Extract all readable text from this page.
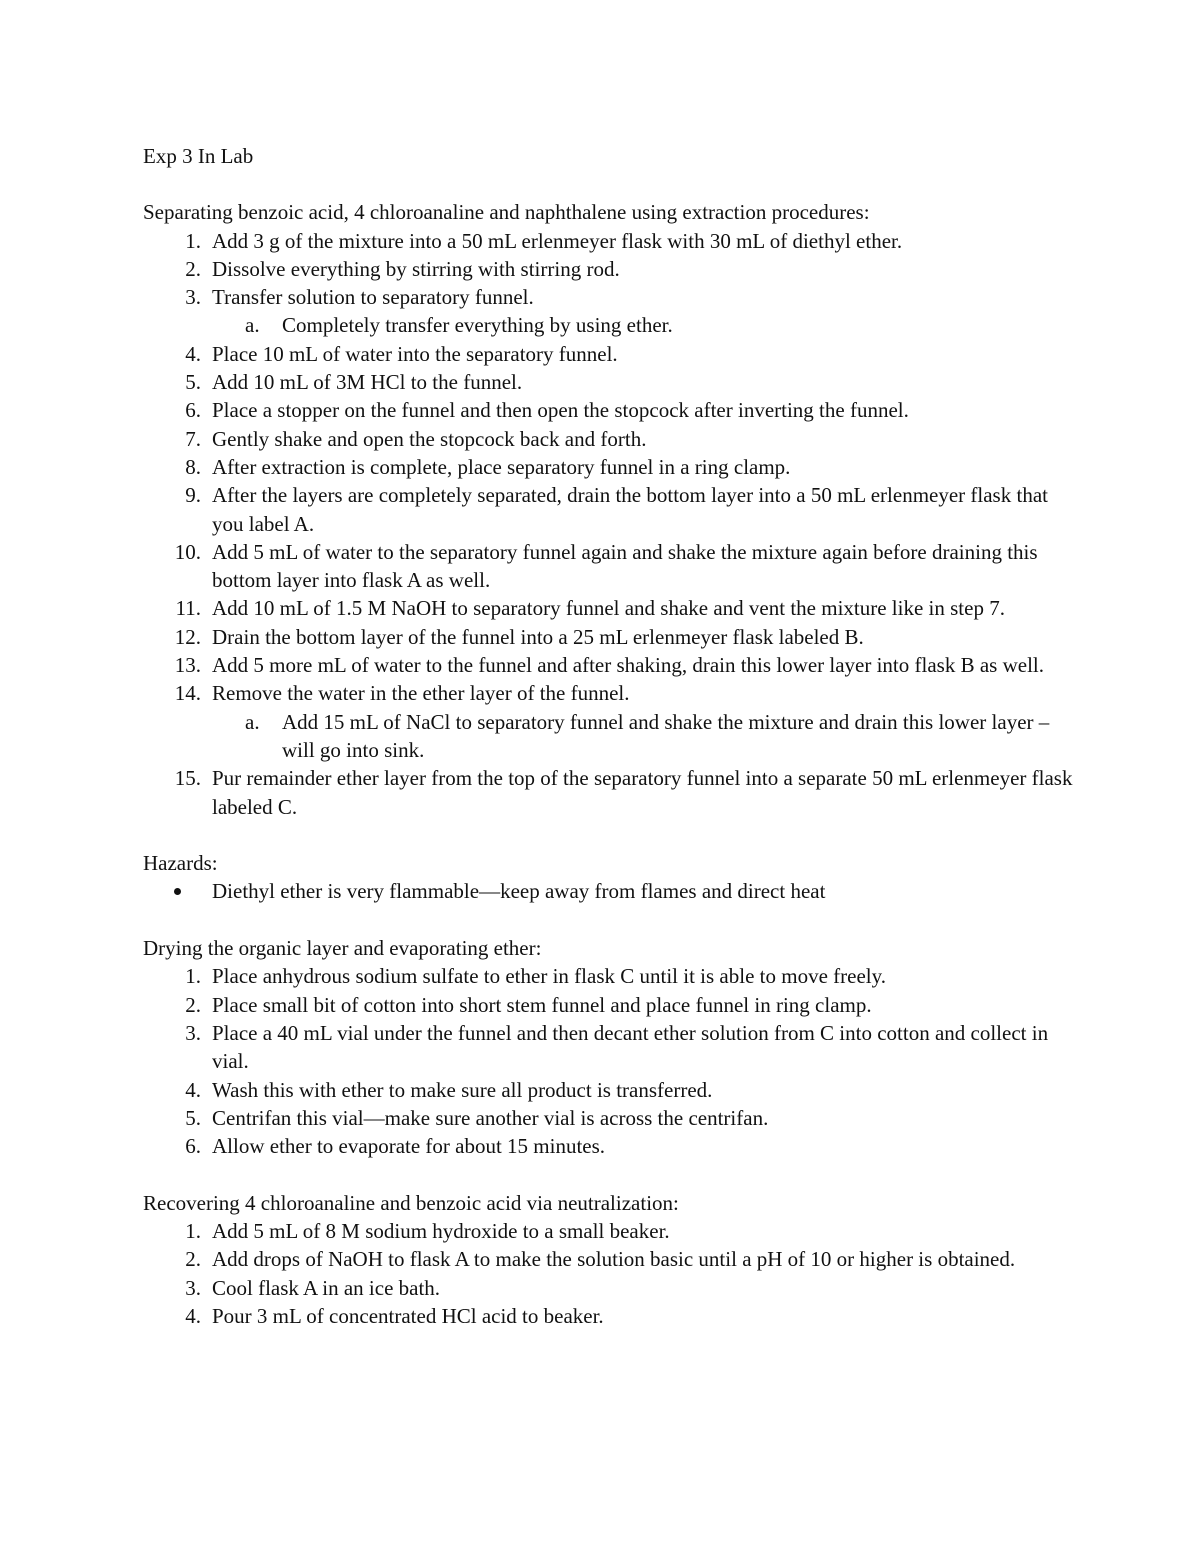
Exp 3 In Lab

Separating benzoic acid, 4 chloroanaline and naphthalene using extraction procedures:

1. Add 3 g of the mixture into a 50 mL erlenmeyer flask with 30 mL of diethyl ether.
2. Dissolve everything by stirring with stirring rod.
3. Transfer solution to separatory funnel.
a. Completely transfer everything by using ether.
4. Place 10 mL of water into the separatory funnel.
5. Add 10 mL of 3M HCl to the funnel.
6. Place a stopper on the funnel and then open the stopcock after inverting the funnel.
7. Gently shake and open the stopcock back and forth.
8. After extraction is complete, place separatory funnel in a ring clamp.
9. After the layers are completely separated, drain the bottom layer into a 50 mL erlenmeyer flask that you label A.
10. Add 5 mL of water to the separatory funnel again and shake the mixture again before draining this bottom layer into flask A as well.
11. Add 10 mL of 1.5 M NaOH to separatory funnel and shake and vent the mixture like in step 7.
12. Drain the bottom layer of the funnel into a 25 mL erlenmeyer flask labeled B.
13. Add 5 more mL of water to the funnel and after shaking, drain this lower layer into flask B as well.
14. Remove the water in the ether layer of the funnel.
a. Add 15 mL of NaCl to separatory funnel and shake the mixture and drain this lower layer – will go into sink.
15. Pur remainder ether layer from the top of the separatory funnel into a separate 50 mL erlenmeyer flask labeled C.

Hazards:

Diethyl ether is very flammable—keep away from flames and direct heat

Drying the organic layer and evaporating ether:

1. Place anhydrous sodium sulfate to ether in flask C until it is able to move freely.
2. Place small bit of cotton into short stem funnel and place funnel in ring clamp.
3. Place a 40 mL vial under the funnel and then decant ether solution from C into cotton and collect in vial.
4. Wash this with ether to make sure all product is transferred.
5. Centrifan this vial—make sure another vial is across the centrifan.
6. Allow ether to evaporate for about 15 minutes.

Recovering 4 chloroanaline and benzoic acid via neutralization:

1. Add 5 mL of 8 M sodium hydroxide to a small beaker.
2. Add drops of NaOH to flask A to make the solution basic until a pH of 10 or higher is obtained.
3. Cool flask A in an ice bath.
4. Pour 3 mL of concentrated HCl acid to beaker.
